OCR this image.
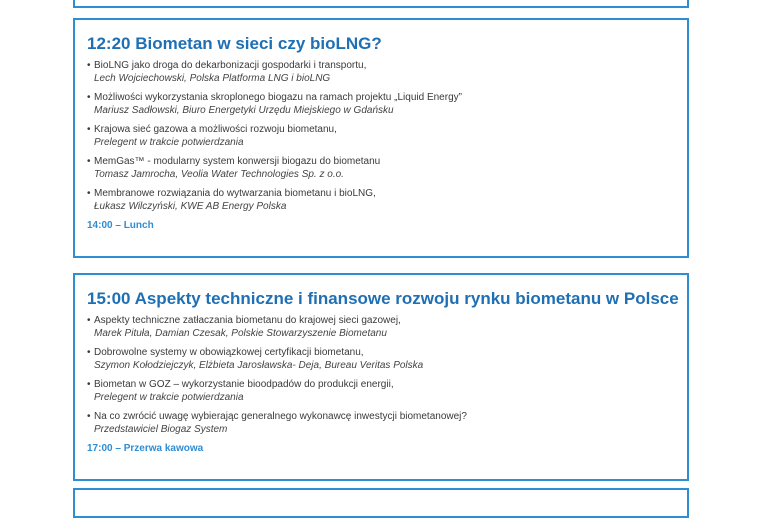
12:20 Biometan w sieci czy bioLNG?
• BioLNG jako droga do dekarbonizacji gospodarki i transportu,
Lech Wojciechowski, Polska Platforma LNG i bioLNG
• Możliwości wykorzystania skroplonego biogazu na ramach projektu „Liquid Energy”
Mariusz Sadłowski, Biuro Energetyki Urzędu Miejskiego w Gdańsku
• Krajowa sieć gazowa a możliwości rozwoju biometanu,
Prelegent w trakcie potwierdzania
• MemGas™ - modularny system konwersji biogazu do biometanu
Tomasz Jamrocha, Veolia Water Technologies Sp. z o.o.
• Membranowe rozwiązania do wytwarzania biometanu i bioLNG,
Łukasz Wilczyński, KWE AB Energy Polska
14:00 – Lunch
15:00 Aspekty techniczne i finansowe rozwoju rynku biometanu w Polsce
• Aspekty techniczne zatłaczania biometanu do krajowej sieci gazowej,
Marek Pituła, Damian Czesak, Polskie Stowarzyszenie Biometanu
• Dobrowolne systemy w obowiązkowej certyfikacji biometanu,
Szymon Kołodziejczyk, Elżbieta Jarosławska- Deja, Bureau Veritas Polska
• Biometan w GOZ – wykorzystanie bioodpadów do produkcji energii,
Prelegent w trakcie potwierdzania
• Na co zwrócić uwagę wybierając generalnego wykonawcę inwestycji biometanowej?
Przedstawiciel Biogaz System
17:00 – Przerwa kawowa
